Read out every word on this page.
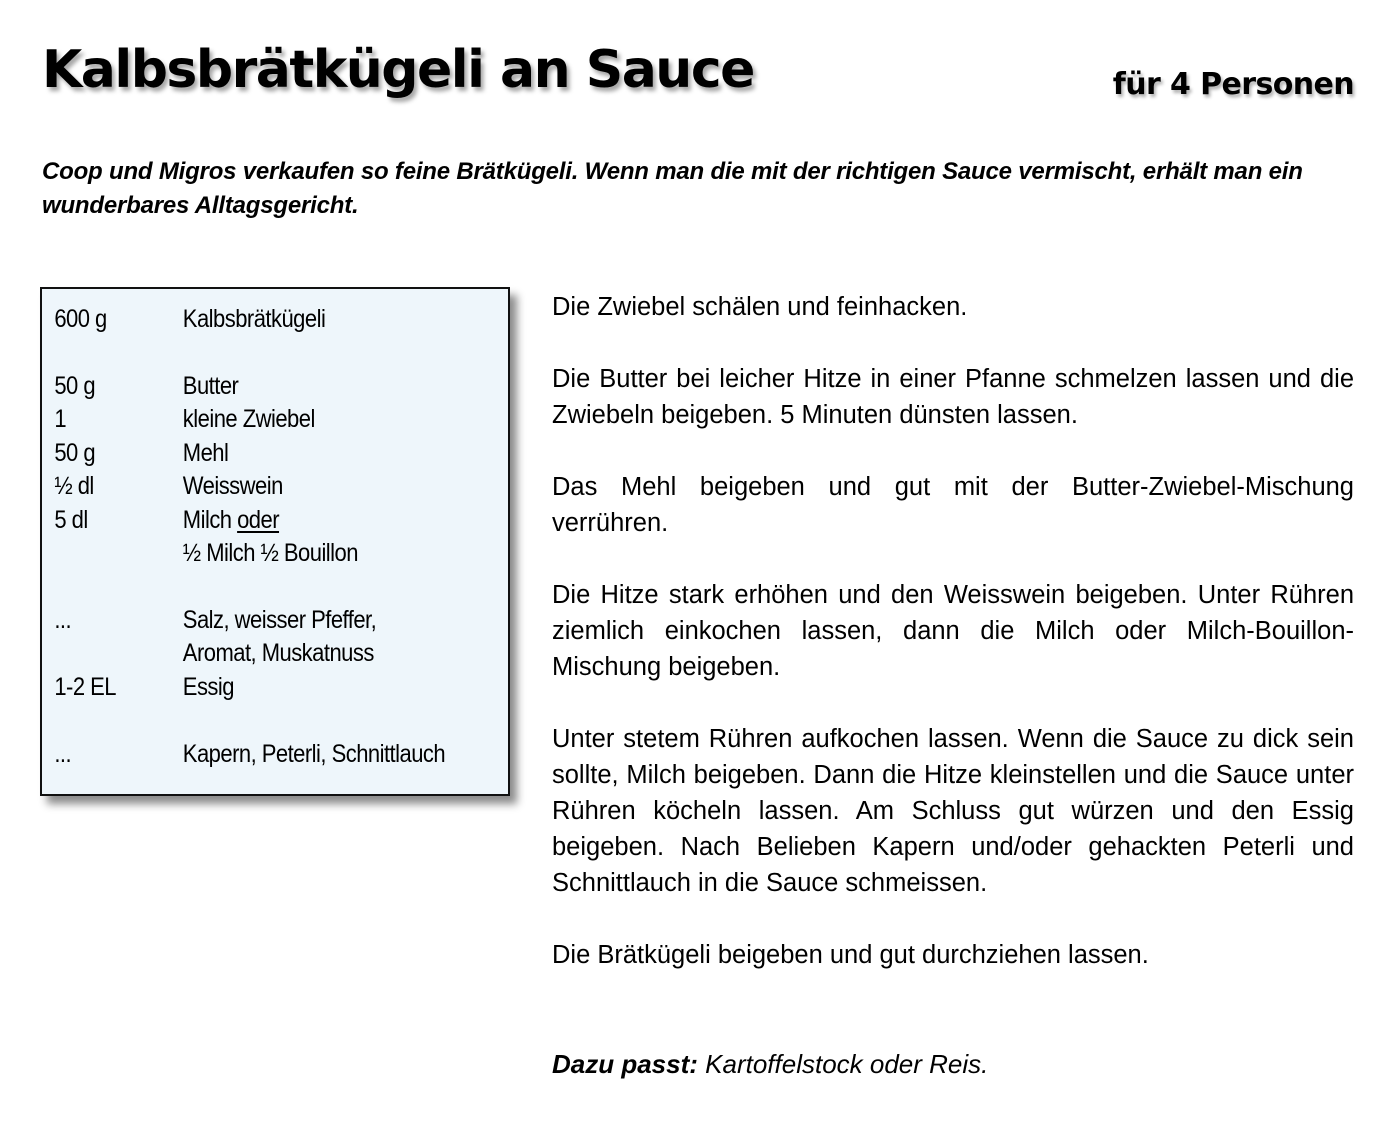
Kalbsbrätkügeli an Sauce	für 4 Personen
Coop und Migros verkaufen so feine Brätkügeli. Wenn man die mit der richtigen Sauce vermischt, erhält man ein wunderbares Alltagsgericht.
600 g	Kalbsbrätkügeli
50 g	Butter
1	kleine Zwiebel
50 g	Mehl
½ dl	Weisswein
5 dl	Milch oder
½ Milch ½ Bouillon
...	Salz, weisser Pfeffer,
Aromat, Muskatnuss
1-2 EL	Essig
...	Kapern, Peterli, Schnittlauch

Die Zwiebel schälen und feinhacken.

Die Butter bei leicher Hitze in einer Pfanne schmelzen lassen und die Zwiebeln beigeben. 5 Minuten dünsten lassen.

Das Mehl beigeben und gut mit der Butter-Zwiebel-Mischung verrühren.

Die Hitze stark erhöhen und den Weisswein beigeben. Unter Rühren ziemlich einkochen lassen, dann die Milch oder Milch-Bouillon-Mischung beigeben.

Unter stetem Rühren aufkochen lassen. Wenn die Sauce zu dick sein sollte, Milch beigeben. Dann die Hitze kleinstellen und die Sauce unter Rühren köcheln lassen. Am Schluss gut würzen und den Essig beigeben. Nach Belieben Kapern und/oder gehackten Peterli und Schnittlauch in die Sauce schmeissen.

Die Brätkügeli beigeben und gut durchziehen lassen.

Dazu passt: Kartoffelstock oder Reis.
